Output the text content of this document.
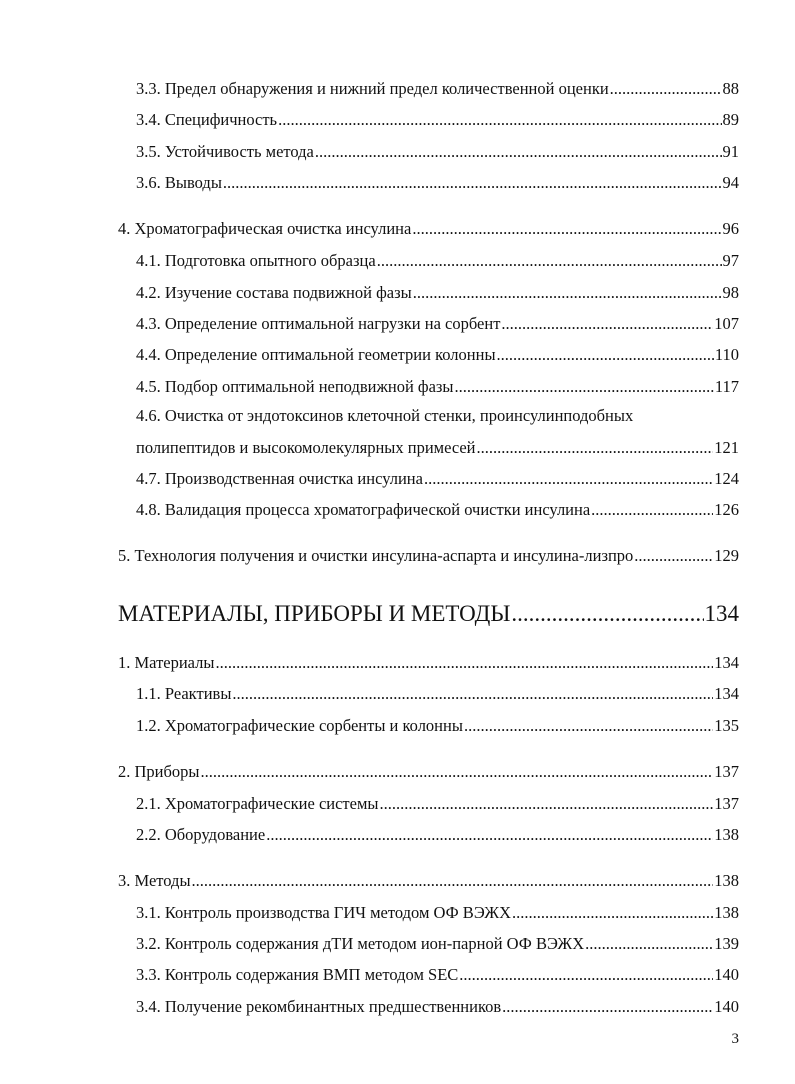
3.3. Предел обнаружения и нижний предел количественной оценки .....	88
3.4. Специфичность .....	89
3.5. Устойчивость метода .....	91
3.6. Выводы .....	94
4. Хроматографическая очистка инсулина .....	96
4.1. Подготовка опытного образца .....	97
4.2. Изучение состава подвижной фазы .....	98
4.3. Определение оптимальной нагрузки на сорбент .....	107
4.4. Определение оптимальной геометрии колонны .....	110
4.5. Подбор оптимальной неподвижной фазы .....	117
4.6. Очистка от эндотоксинов клеточной стенки, проинсулинподобных
полипептидов и высокомолекулярных примесей .....	121
4.7. Производственная очистка инсулина .....	124
4.8. Валидация процесса хроматографической очистки инсулина .....	126
5. Технология получения и очистки инсулина-аспарта и инсулина-лизпро .....	129
МАТЕРИАЛЫ, ПРИБОРЫ И МЕТОДЫ .....	134
1. Материалы .....	134
1.1. Реактивы .....	134
1.2. Хроматографические сорбенты и колонны .....	135
2. Приборы .....	137
2.1. Хроматографические системы .....	137
2.2. Оборудование .....	138
3. Методы .....	138
3.1. Контроль производства ГИЧ методом ОФ ВЭЖХ .....	138
3.2. Контроль содержания дТИ методом ион-парной ОФ ВЭЖХ .....	139
3.3. Контроль содержания ВМП методом SEC .....	140
3.4. Получение рекомбинантных предшественников .....	140
3
